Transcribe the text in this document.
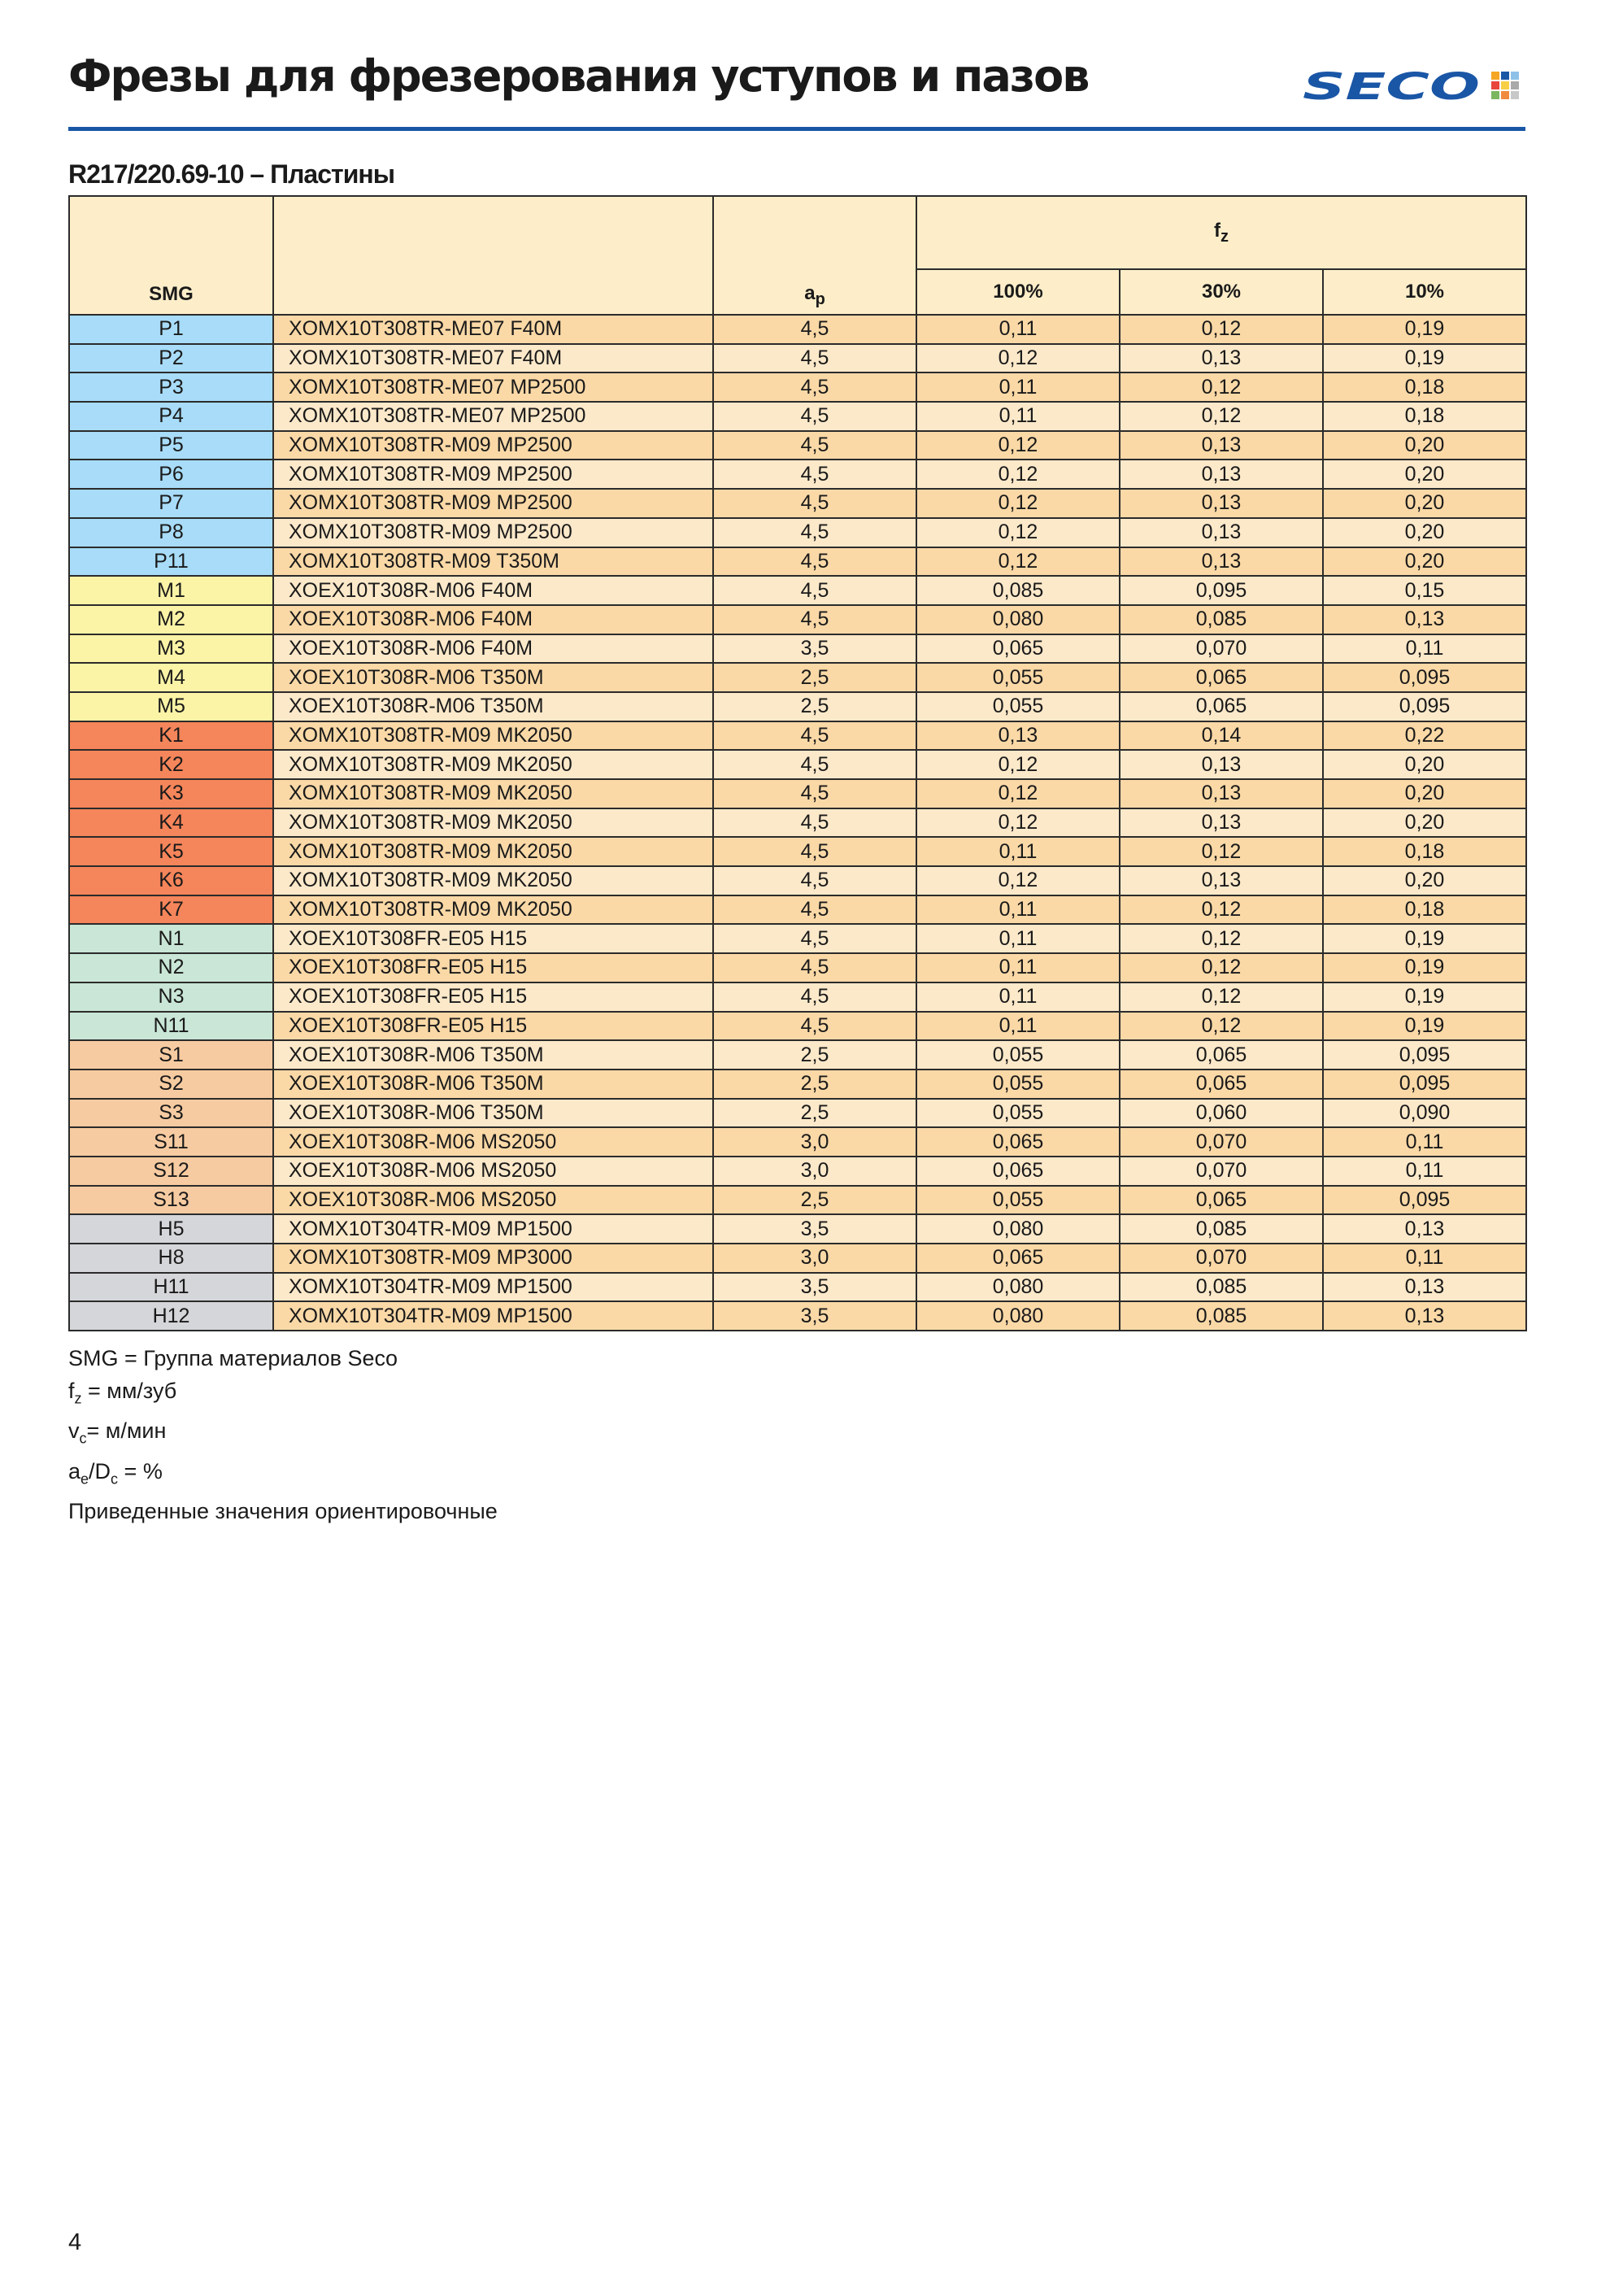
Фрезы для фрезерования уступов и пазов	SECO
R217/220.69-10 – Пластины
SMG		$a_p$	$f_z$
			100%	30%	10%
P1	XOMX10T308TR-ME07 F40M	4,5	0,11	0,12	0,19
P2	XOMX10T308TR-ME07 F40M	4,5	0,12	0,13	0,19
P3	XOMX10T308TR-ME07 MP2500	4,5	0,11	0,12	0,18
P4	XOMX10T308TR-ME07 MP2500	4,5	0,11	0,12	0,18
P5	XOMX10T308TR-M09 MP2500	4,5	0,12	0,13	0,20
P6	XOMX10T308TR-M09 MP2500	4,5	0,12	0,13	0,20
P7	XOMX10T308TR-M09 MP2500	4,5	0,12	0,13	0,20
P8	XOMX10T308TR-M09 MP2500	4,5	0,12	0,13	0,20
P11	XOMX10T308TR-M09 T350M	4,5	0,12	0,13	0,20
M1	XOEX10T308R-M06 F40M	4,5	0,085	0,095	0,15
M2	XOEX10T308R-M06 F40M	4,5	0,080	0,085	0,13
M3	XOEX10T308R-M06 F40M	3,5	0,065	0,070	0,11
M4	XOEX10T308R-M06 T350M	2,5	0,055	0,065	0,095
M5	XOEX10T308R-M06 T350M	2,5	0,055	0,065	0,095
K1	XOMX10T308TR-M09 MK2050	4,5	0,13	0,14	0,22
K2	XOMX10T308TR-M09 MK2050	4,5	0,12	0,13	0,20
K3	XOMX10T308TR-M09 MK2050	4,5	0,12	0,13	0,20
K4	XOMX10T308TR-M09 MK2050	4,5	0,12	0,13	0,20
K5	XOMX10T308TR-M09 MK2050	4,5	0,11	0,12	0,18
K6	XOMX10T308TR-M09 MK2050	4,5	0,12	0,13	0,20
K7	XOMX10T308TR-M09 MK2050	4,5	0,11	0,12	0,18
N1	XOEX10T308FR-E05 H15	4,5	0,11	0,12	0,19
N2	XOEX10T308FR-E05 H15	4,5	0,11	0,12	0,19
N3	XOEX10T308FR-E05 H15	4,5	0,11	0,12	0,19
N11	XOEX10T308FR-E05 H15	4,5	0,11	0,12	0,19
S1	XOEX10T308R-M06 T350M	2,5	0,055	0,065	0,095
S2	XOEX10T308R-M06 T350M	2,5	0,055	0,065	0,095
S3	XOEX10T308R-M06 T350M	2,5	0,055	0,060	0,090
S11	XOEX10T308R-M06 MS2050	3,0	0,065	0,070	0,11
S12	XOEX10T308R-M06 MS2050	3,0	0,065	0,070	0,11
S13	XOEX10T308R-M06 MS2050	2,5	0,055	0,065	0,095
H5	XOMX10T304TR-M09 MP1500	3,5	0,080	0,085	0,13
H8	XOMX10T308TR-M09 MP3000	3,0	0,065	0,070	0,11
H11	XOMX10T304TR-M09 MP1500	3,5	0,080	0,085	0,13
H12	XOMX10T304TR-M09 MP1500	3,5	0,080	0,085	0,13
SMG = Группа материалов Seco
$f_z = мм/зуб$
$v_c= м/мин$
$a_e/D_c$ = %
Приведенные значения ориентировочные
4
